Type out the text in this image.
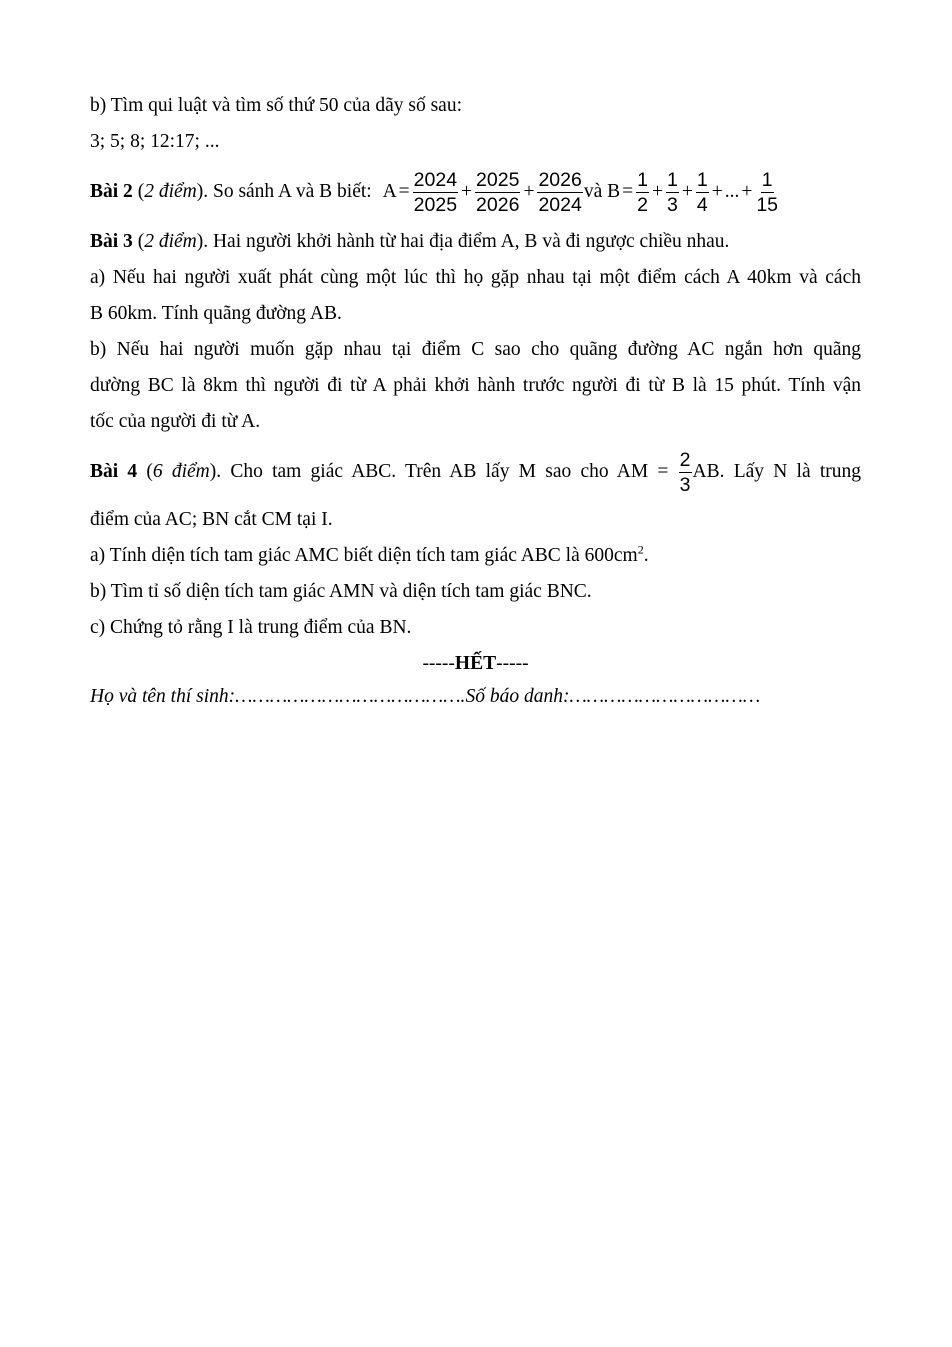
b) Tìm qui luật và tìm số thứ 50 của dãy số sau:

3; 5; 8; 12:17; ...

Bài 2 (2 điểm). So sánh A và B biết: $A = \frac{2024}{2025} + \frac{2025}{2026} + \frac{2026}{2024}$ và $B = \frac{1}{2} + \frac{1}{3} + \frac{1}{4}$ + ... + $\frac{1}{15}$

Bài 3 (2 điểm). Hai người khởi hành từ hai địa điểm A, B và đi ngược chiều nhau.

a) Nếu hai người xuất phát cùng một lúc thì họ gặp nhau tại một điểm cách A 40km và cách

B 60km. Tính quãng đường AB.

b) Nếu hai người muốn gặp nhau tại điểm C sao cho quãng đường AC ngắn hơn quãng

dường BC là 8km thì người đi từ A phải khởi hành trước người đi từ B là 15 phút. Tính vận

tốc của người đi từ A.

Bài 4 (6 điểm). Cho tam giác ABC. Trên AB lấy M sao cho AM = $\frac{2}{3}$ AB. Lấy N là trung

điểm của AC; BN cắt CM tại I.

a) Tính diện tích tam giác AMC biết diện tích tam giác ABC là $600cm^2$.

b) Tìm tỉ số diện tích tam giác AMN và diện tích tam giác BNC.

c) Chứng tỏ rằng I là trung điểm của BN.

-----HẾT-----

Họ và tên thí sinh:………………………………….Số báo danh:……………………………
